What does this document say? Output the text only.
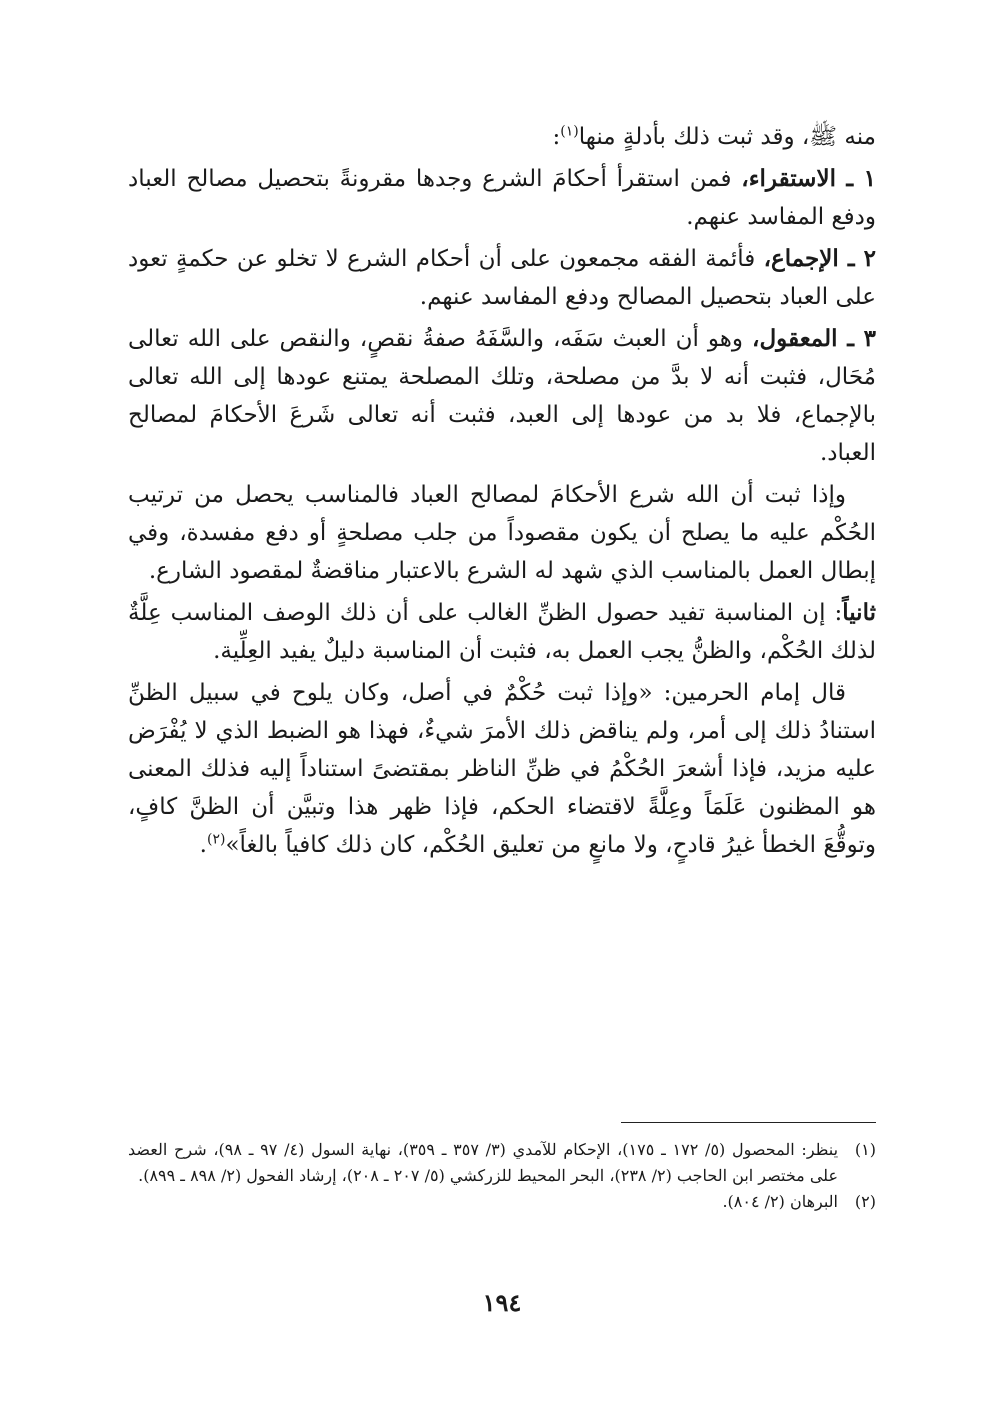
منه ﷺ، وقد ثبت ذلك بأدلةٍ منها$^{(١)}$:

١ ـ الاستقراء، فمن استقرأ أحكامَ الشرع وجدها مقرونةً بتحصيل مصالح العباد ودفع المفاسد عنهم.

٢ ـ الإجماع، فأئمة الفقه مجمعون على أن أحكام الشرع لا تخلو عن حكمةٍ تعود على العباد بتحصيل المصالح ودفع المفاسد عنهم.

٣ ـ المعقول، وهو أن العبث سَفَه، والسَّفَهُ صفةُ نقصٍ، والنقص على الله تعالى مُحَال، فثبت أنه لا بدَّ من مصلحة، وتلك المصلحة يمتنع عودها إلى الله تعالى بالإجماع، فلا بد من عودها إلى العبد، فثبت أنه تعالى شَرعَ الأحكامَ لمصالح العباد.

وإذا ثبت أن الله شرع الأحكامَ لمصالح العباد فالمناسب يحصل من ترتيب الحُكْم عليه ما يصلح أن يكون مقصوداً من جلب مصلحةٍ أو دفع مفسدة، وفي إبطال العمل بالمناسب الذي شهد له الشرع بالاعتبار مناقضةٌ لمقصود الشارع.

ثانياً: إن المناسبة تفيد حصول الظنِّ الغالب على أن ذلك الوصف المناسب عِلَّةٌ لذلك الحُكْم، والظنُّ يجب العمل به، فثبت أن المناسبة دليلٌ يفيد العِلِّية.

قال إمام الحرمين: «وإذا ثبت حُكْمٌ في أصل، وكان يلوح في سبيل الظنِّ استنادُ ذلك إلى أمر، ولم يناقض ذلك الأمرَ شيءٌ، فهذا هو الضبط الذي لا يُفْرَض عليه مزيد، فإذا أشعرَ الحُكْمُ في ظنِّ الناظر بمقتضىً استناداً إليه فذلك المعنى هو المظنون عَلَمَاً وعِلَّةً لاقتضاء الحكم، فإذا ظهر هذا وتبيَّن أن الظنَّ كافٍ، وتوقُّعَ الخطأ غيرُ قادحٍ، ولا مانعٍ من تعليق الحُكْم، كان ذلك كافياً بالغاً»$^{(٢)}$.

(١)
ينظر: المحصول (٥/ ١٧٢ ـ ١٧٥)، الإحكام للآمدي (٣/ ٣٥٧ ـ ٣٥٩)، نهاية السول (٤/ ٩٧ ـ ٩٨)، شرح العضد على مختصر ابن الحاجب (٢/ ٢٣٨)، البحر المحيط للزركشي (٥/ ٢٠٧ ـ ٢٠٨)، إرشاد الفحول (٢/ ٨٩٨ ـ ٨٩٩).
(٢)
البرهان (٢/ ٨٠٤).
١٩٤
